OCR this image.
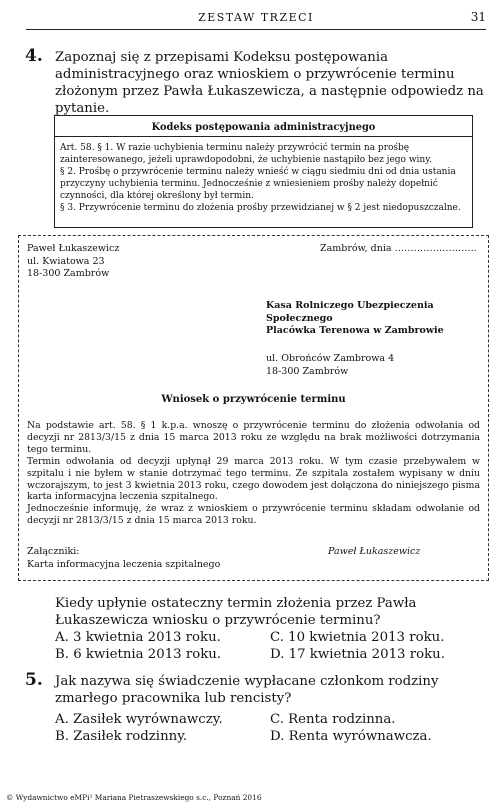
ZESTAW TRZECI	31
4. Zapoznaj się z przepisami Kodeksu postępowania administracyjnego oraz wnioskiem o przywrócenie terminu złożonym przez Pawła Łukaszewicza, a następnie odpowiedz na pytanie.
Kodeks postępowania administracyjnego
Art. 58. § 1. W razie uchybienia terminu należy przywrócić termin na prośbę zainteresowanego, jeżeli uprawdopodobni, że uchybienie nastąpiło bez jego winy.
§ 2. Prośbę o przywrócenie terminu należy wnieść w ciągu siedmiu dni od dnia ustania przyczyny uchybienia terminu. Jednocześnie z wniesieniem prośby należy dopełnić czynności, dla której określony był termin.
§ 3. Przywrócenie terminu do złożenia prośby przewidzianej w § 2 jest niedopuszczalne.
Paweł Łukaszewicz
ul. Kwiatowa 23
18-300 Zambrów
Zambrów, dnia ……………………..
Kasa Rolniczego Ubezpieczenia
Społecznego
Placówka Terenowa w Zambrowie
ul. Obrońców Zambrowa 4
18-300 Zambrów
Wniosek o przywrócenie terminu
Na podstawie art. 58. § 1 k.p.a. wnoszę o przywrócenie terminu do złożenia odwołania od decyzji nr 2813/3/15 z dnia 15 marca 2013 roku ze względu na brak możliwości dotrzymania tego terminu.
Termin odwołania od decyzji upłynął 29 marca 2013 roku. W tym czasie przebywałem w szpitalu i nie byłem w stanie dotrzymać tego terminu. Ze szpitala zostałem wypisany w dniu wczorajszym, to jest 3 kwietnia 2013 roku, czego dowodem jest dołączona do niniejszego pisma karta informacyjna leczenia szpitalnego.
Jednocześnie informuję, że wraz z wnioskiem o przywrócenie terminu składam odwołanie od decyzji nr 2813/3/15 z dnia 15 marca 2013 roku.
Załączniki:
Karta informacyjna leczenia szpitalnego
Paweł Łukaszewicz
Kiedy upłynie ostateczny termin złożenia przez Pawła Łukaszewicza wniosku o przywrócenie terminu?
A. 3 kwietnia 2013 roku.	C. 10 kwietnia 2013 roku.
B. 6 kwietnia 2013 roku.	D. 17 kwietnia 2013 roku.
5. Jak nazywa się świadczenie wypłacane członkom rodziny zmarłego pracownika lub rencisty?
A. Zasiłek wyrównawczy.	C. Renta rodzinna.
B. Zasiłek rodzinny.	D. Renta wyrównawcza.
© Wydawnictwo eMPi² Mariana Pietraszewskiego s.c., Poznań 2016
